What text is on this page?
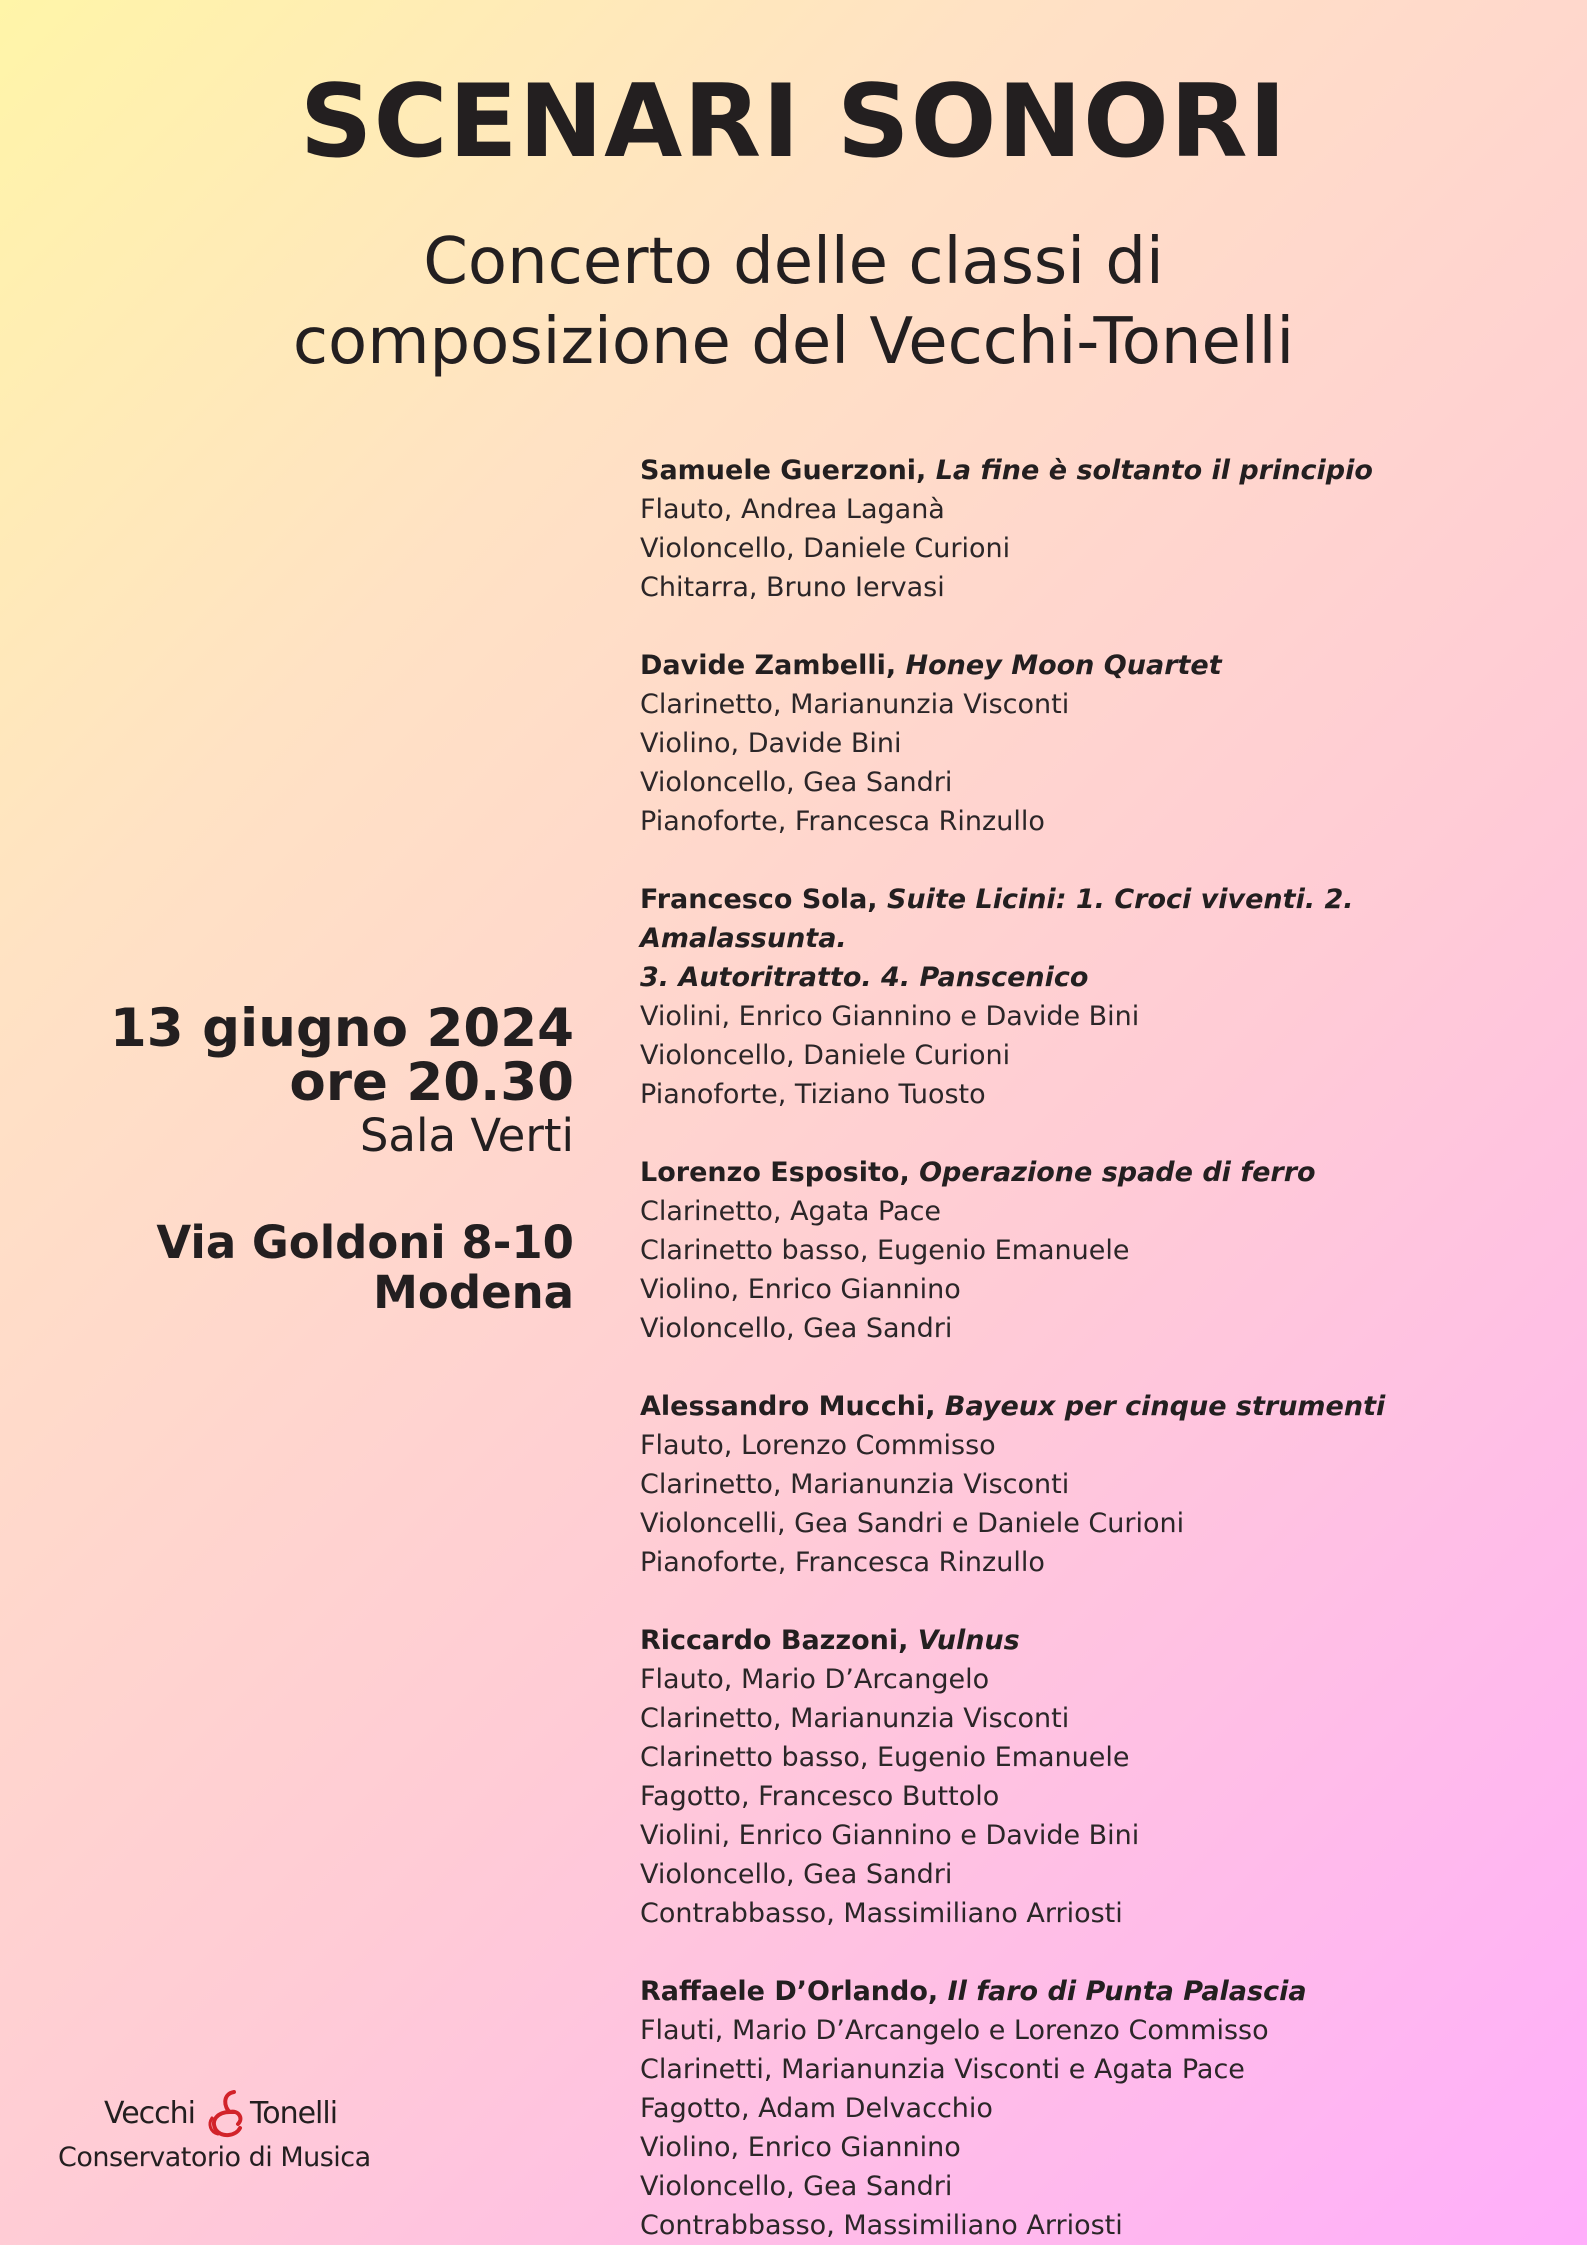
SCENARI SONORI
Concerto delle classi di
composizione del Vecchi-Tonelli
13 giugno 2024
ore 20.30
Sala Verti
Via Goldoni 8-10
Modena
Samuele Guerzoni, La fine è soltanto il principio
Flauto, Andrea Laganà
Violoncello, Daniele Curioni
Chitarra, Bruno Iervasi
Davide Zambelli, Honey Moon Quartet
Clarinetto, Marianunzia Visconti
Violino, Davide Bini
Violoncello, Gea Sandri
Pianoforte, Francesca Rinzullo
Francesco Sola, Suite Licini: 1. Croci viventi. 2. Amalassunta.
3. Autoritratto. 4. Panscenico
Violini, Enrico Giannino e Davide Bini
Violoncello, Daniele Curioni
Pianoforte, Tiziano Tuosto
Lorenzo Esposito, Operazione spade di ferro
Clarinetto, Agata Pace
Clarinetto basso, Eugenio Emanuele
Violino, Enrico Giannino
Violoncello, Gea Sandri
Alessandro Mucchi, Bayeux per cinque strumenti
Flauto, Lorenzo Commisso
Clarinetto, Marianunzia Visconti
Violoncelli, Gea Sandri e Daniele Curioni
Pianoforte, Francesca Rinzullo
Riccardo Bazzoni, Vulnus
Flauto, Mario D’Arcangelo
Clarinetto, Marianunzia Visconti
Clarinetto basso, Eugenio Emanuele
Fagotto, Francesco Buttolo
Violini, Enrico Giannino e Davide Bini
Violoncello, Gea Sandri
Contrabbasso, Massimiliano Arriosti
Raffaele D’Orlando, Il faro di Punta Palascia
Flauti, Mario D’Arcangelo e Lorenzo Commisso
Clarinetti, Marianunzia Visconti e Agata Pace
Fagotto, Adam Delvacchio
Violino, Enrico Giannino
Violoncello, Gea Sandri
Contrabbasso, Massimiliano Arriosti
Vecchi Tonelli
Conservatorio di Musica
